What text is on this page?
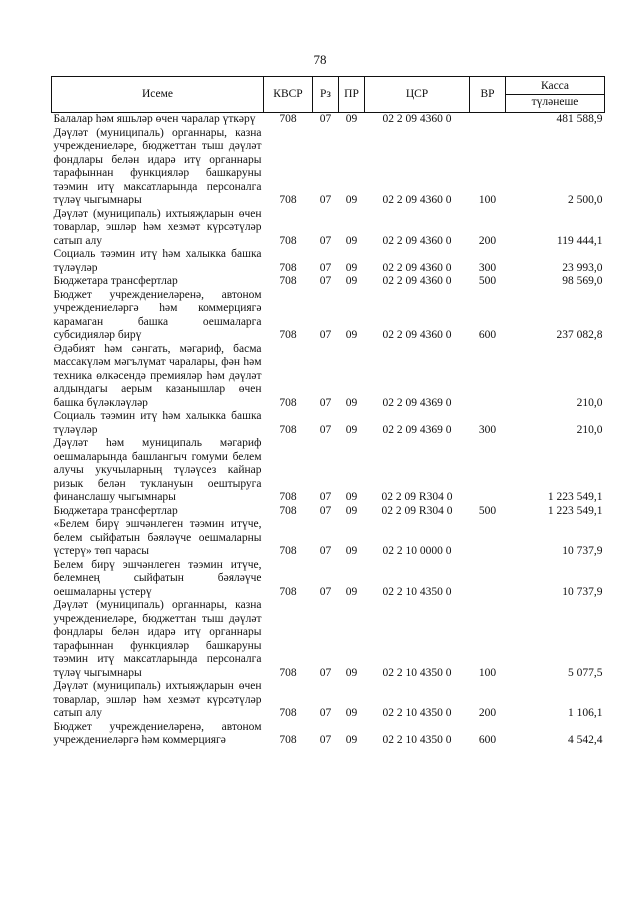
78
Исеме	КВСР	Рз	ПР	ЦСР	ВР	Касса
түләнеше

Балалар һәм яшьләр өчен чаралар үткәрү	708	07	09	02 2 09 4360 0		481 588,9
Дәүләт (муниципаль) органнары, казна учреждениеләре, бюджеттан тыш дәүләт фондлары белән идарә итү органнары тарафыннан функцияләр башкаруны тәэмин итү максатларында персоналга түләү чыгымнары	708	07	09	02 2 09 4360 0	100	2 500,0
Дәүләт (муниципаль) ихтыяҗларын өчен товарлар, эшләр һәм хезмәт күрсәтүләр сатып алу	708	07	09	02 2 09 4360 0	200	119 444,1
Социаль тәэмин итү һәм халыкка башка түләүләр	708	07	09	02 2 09 4360 0	300	23 993,0
Бюджетара трансфертлар	708	07	09	02 2 09 4360 0	500	98 569,0
Бюджет учреждениеләренә, автоном учреждениеләргә һәм коммерциягә карамаган башка оешмаларга субсидияләр бирү	708	07	09	02 2 09 4360 0	600	237 082,8
Әдәбият һәм сәнгать, мәгариф, басма массакүләм мәгълүмат чаралары, фән һәм техника өлкәсендә премияләр һәм дәүләт алдындагы аерым казанышлар өчен башка бүләкләүләр	708	07	09	02 2 09 4369 0		210,0
Социаль тәэмин итү һәм халыкка башка түләүләр	708	07	09	02 2 09 4369 0	300	210,0
Дәүләт һәм муниципаль мәгариф оешмаларында башлангыч гомуми белем алучы укучыларның түләүсез кайнар ризык белән туклануын оештыруга финанслашу чыгымнары	708	07	09	02 2 09 R304 0		1 223 549,1
Бюджетара трансфертлар	708	07	09	02 2 09 R304 0	500	1 223 549,1
«Белем бирү эшчәнлеген тәэмин итүче, белем сыйфатын бәяләүче оешмаларны үстерү» төп чарасы	708	07	09	02 2 10 0000 0		10 737,9
Белем бирү эшчәнлеген тәэмин итүче, белемнең сыйфатын бәяләүче оешмаларны үстерү	708	07	09	02 2 10 4350 0		10 737,9
Дәүләт (муниципаль) органнары, казна учреждениеләре, бюджеттан тыш дәүләт фондлары белән идарә итү органнары тарафыннан функцияләр башкаруны тәэмин итү максатларында персоналга түләү чыгымнары	708	07	09	02 2 10 4350 0	100	5 077,5
Дәүләт (муниципаль) ихтыяҗларын өчен товарлар, эшләр һәм хезмәт күрсәтүләр сатып алу	708	07	09	02 2 10 4350 0	200	1 106,1
Бюджет учреждениеләренә, автоном учреждениеләргә һәм коммерциягә	708	07	09	02 2 10 4350 0	600	4 542,4
